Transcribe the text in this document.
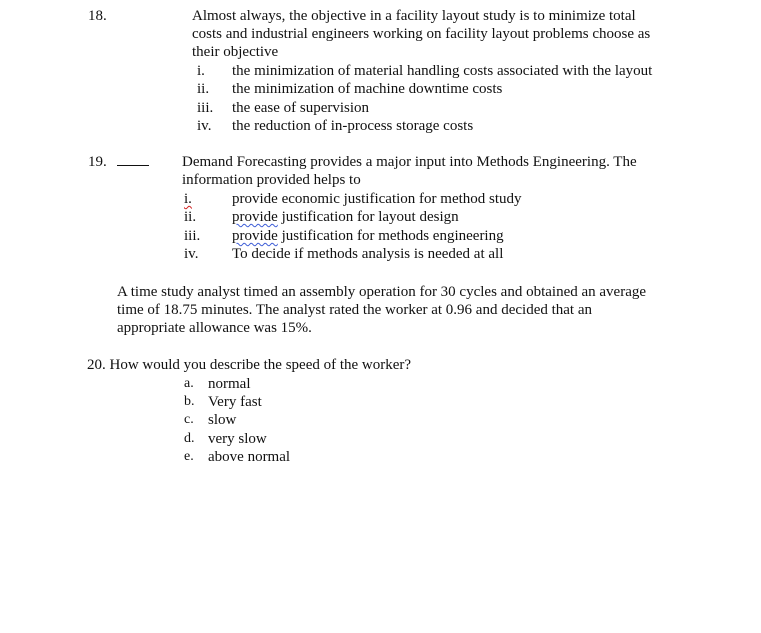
18.	Almost always, the objective in a facility layout study is to minimize total
costs and industrial engineers working on facility layout problems choose as
their objective
i. the minimization of material handling costs associated with the layout
ii. the minimization of machine downtime costs
iii. the ease of supervision
iv. the reduction of in-process storage costs
19.	Demand Forecasting provides a major input into Methods Engineering. The
information provided helps to
i.	provide economic justification for method study
ii. provide justification for layout design
iii. provide justification for methods engineering
iv. To decide if methods analysis is needed at all
A time study analyst timed an assembly operation for 30 cycles and obtained an average
time of 18.75 minutes. The analyst rated the worker at 0.96 and decided that an
appropriate allowance was 15%.
20. How would you describe the speed of the worker?
a. normal
b. Very fast
c. slow
d. very slow
e. above normal
